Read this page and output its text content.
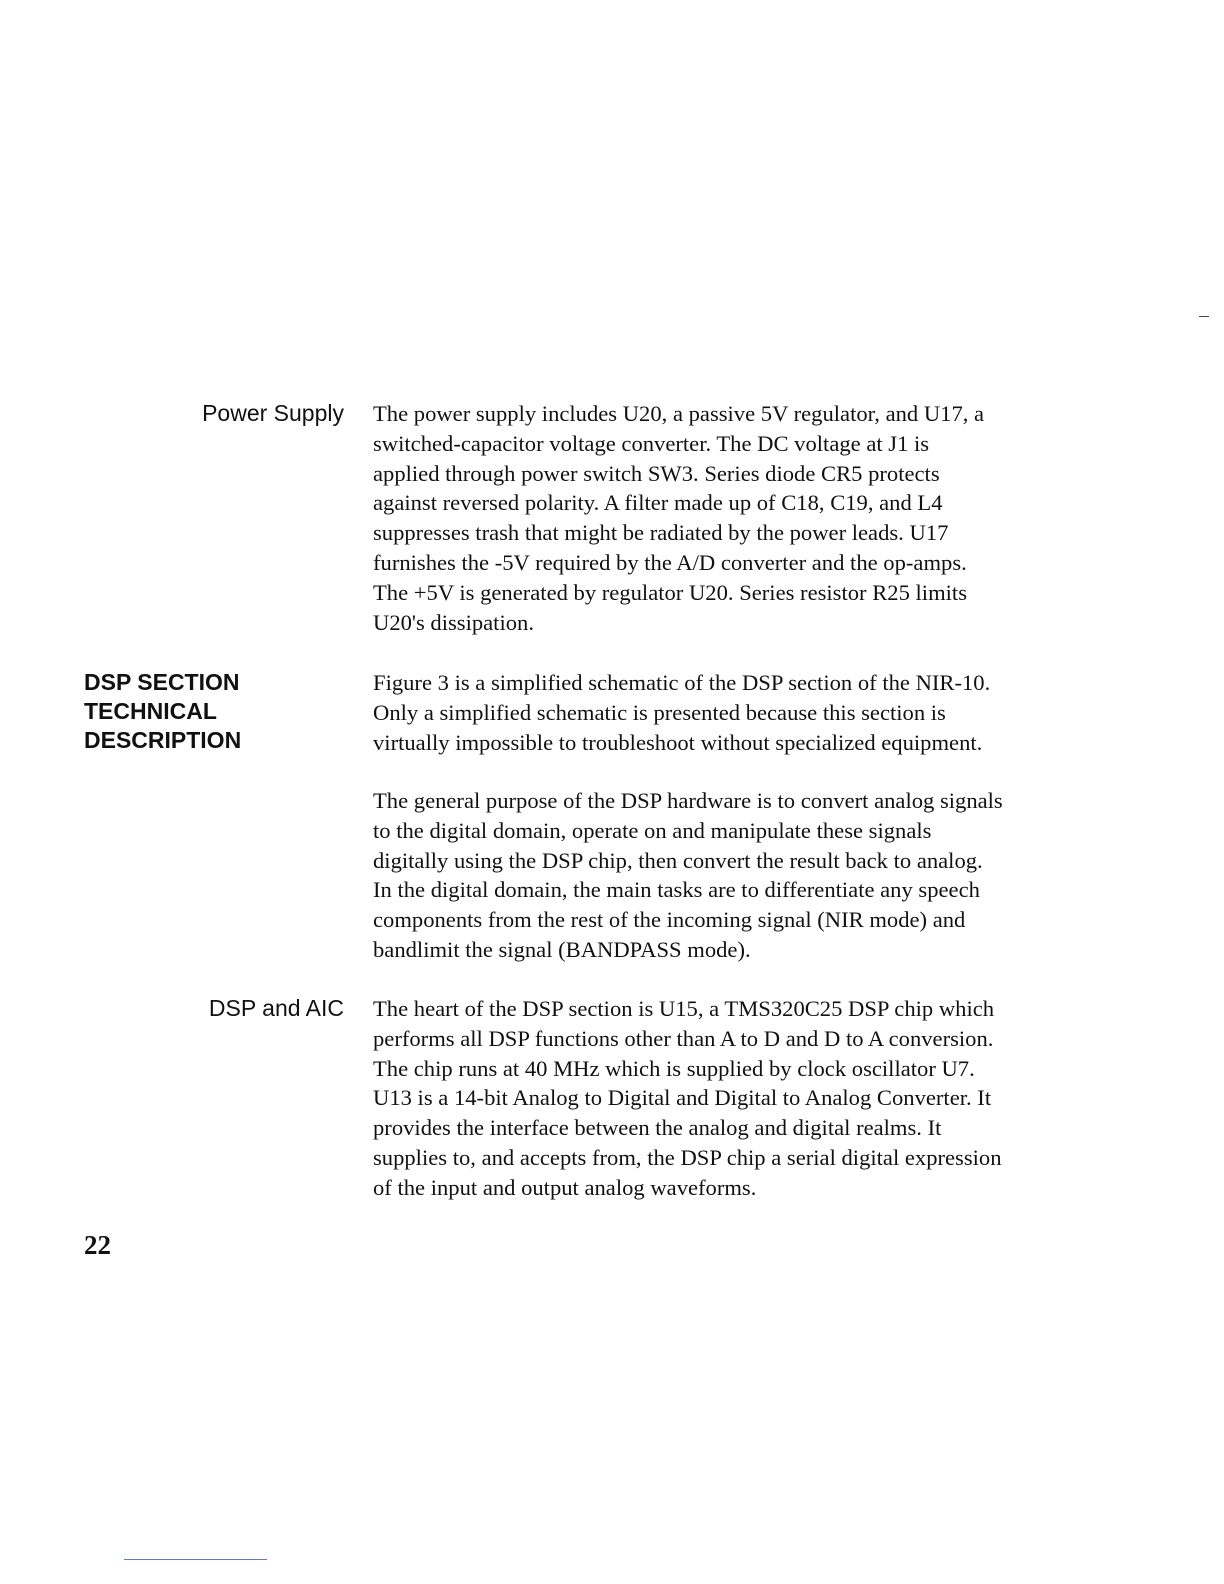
Power Supply The power supply includes U20, a passive 5V regulator, and U17, a
switched-capacitor voltage converter. The DC voltage at J1 is
applied through power switch SW3. Series diode CR5 protects
against reversed polarity. A filter made up of C18, C19, and L4
suppresses trash that might be radiated by the power leads. U17
furnishes the -5V required by the A/D converter and the op-amps.
The +5V is generated by regulator U20. Series resistor R25 limits
U20's dissipation.
DSP SECTION
TECHNICAL
DESCRIPTION
Figure 3 is a simplified schematic of the DSP section of the NIR-10.
Only a simplified schematic is presented because this section is
virtually impossible to troubleshoot without specialized equipment.
The general purpose of the DSP hardware is to convert analog signals
to the digital domain, operate on and manipulate these signals
digitally using the DSP chip, then convert the result back to analog.
In the digital domain, the main tasks are to differentiate any speech
components from the rest of the incoming signal (NIR mode) and
bandlimit the signal (BANDPASS mode).
DSP and AIC The heart of the DSP section is U15, a TMS320C25 DSP chip which
performs all DSP functions other than A to D and D to A conversion.
The chip runs at 40 MHz which is supplied by clock oscillator U7.
U13 is a 14-bit Analog to Digital and Digital to Analog Converter. It
provides the interface between the analog and digital realms. It
supplies to, and accepts from, the DSP chip a serial digital expression
of the input and output analog waveforms.
22
